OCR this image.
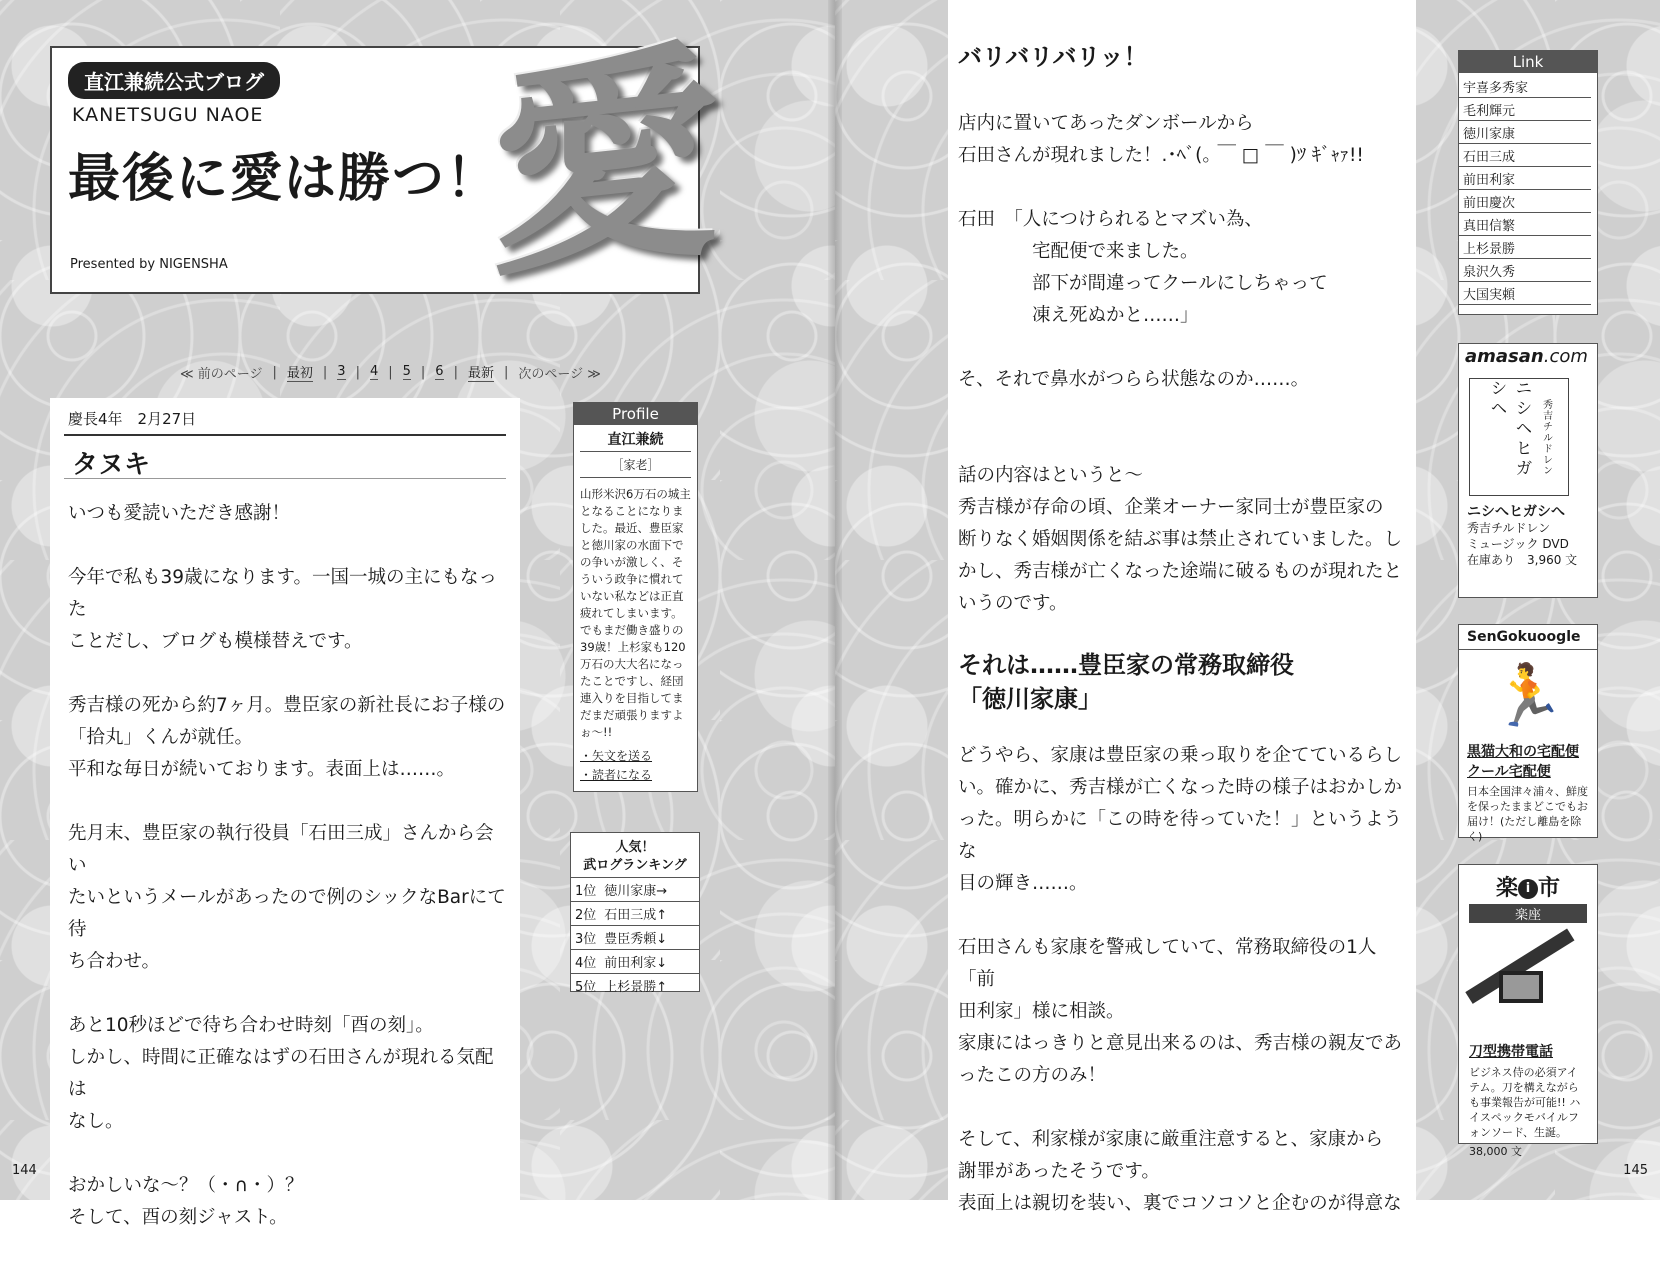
直江兼続公式ブログ
KANETSUGU NAOE
最後に愛は勝つ！
愛
Presented by NIGENSHA
≪ 前のページ | 最初 | 3 | 4 | 5 | 6 | 最新 | 次のページ ≫
慶長4年　2月27日
タヌキ

いつも愛読いただき感謝！

今年で私も39歳になります。一国一城の主にもなった
ことだし、ブログも模様替えです。

秀吉様の死から約7ヶ月。豊臣家の新社長にお子様の
「拾丸」くんが就任。
平和な毎日が続いております。表面上は……。

先月末、豊臣家の執行役員「石田三成」さんから会い
たいというメールがあったので例のシックなBarにて待
ち合わせ。

あと10秒ほどで待ち合わせ時刻「酉の刻」。
しかし、時間に正確なはずの石田さんが現れる気配は
なし。

おかしいな～？（・∩・）？
そして、酉の刻ジャスト。

Profile
直江兼続
［家老］
山形米沢6万石の城主となることになりました。最近、豊臣家と徳川家の水面下での争いが激しく、そういう政争に慣れていない私などは正直疲れてしまいます。でもまだ働き盛りの39歳！上杉家も120万石の大大名になったことですし、経団連入りを目指してまだまだ頑張りますよぉ～!!
・矢文を送る
・読者になる
人気！
武ログランキング
1位 徳川家康→
2位 石田三成↑
3位 豊臣秀頼↓
4位 前田利家↓
5位 上杉景勝↑
144	145

バリバリバリッ！

店内に置いてあったダンボールから
石田さんが現れました！.･ﾍﾞ(｡ ￣ □ ￣ )ﾂ ｷﾞｬｧ!!

石田　「人につけられるとマズい為、
　　　　宅配便で来ました。
　　　　部下が間違ってクールにしちゃって
　　　　凍え死ぬかと……」

そ、それで鼻水がつらら状態なのか……。

話の内容はというと～
秀吉様が存命の頃、企業オーナー家同士が豊臣家の
断りなく婚姻関係を結ぶ事は禁止されていました。し
かし、秀吉様が亡くなった途端に破るものが現れたと
いうのです。

それは……豊臣家の常務取締役
「徳川家康」

どうやら、家康は豊臣家の乗っ取りを企てているらし
い。確かに、秀吉様が亡くなった時の様子はおかしか
った。明らかに「この時を待っていた！」というような
目の輝き……。

石田さんも家康を警戒していて、常務取締役の1人「前
田利家」様に相談。
家康にはっきりと意見出来るのは、秀吉様の親友であ
ったこの方のみ！

そして、利家様が家康に厳重注意すると、家康から
謝罪があったそうです。
表面上は親切を装い、裏でコソコソと企むのが得意な

Link
宇喜多秀家
毛利輝元
徳川家康
石田三成
前田利家
前田慶次
真田信繁
上杉景勝
泉沢久秀
大国実頼
amasan.com
ニシヘヒガシヘ	秀吉チルドレン
ニシへヒガシへ
秀吉チルドレン
ミュージック DVD
在庫あり　3,960 文
SenGokuoogle
🏃
黒猫大和の宅配便
クール宅配便
日本全国津々浦々、鮮度を保ったままどこでもお届け！(ただし離島を除く)
楽 i 市
楽座
刀型携帯電話
ビジネス侍の必須アイテム。刀を構えながらも事業報告が可能!! ハイスペックモバイルフォンソード、生誕。
38,000 文
